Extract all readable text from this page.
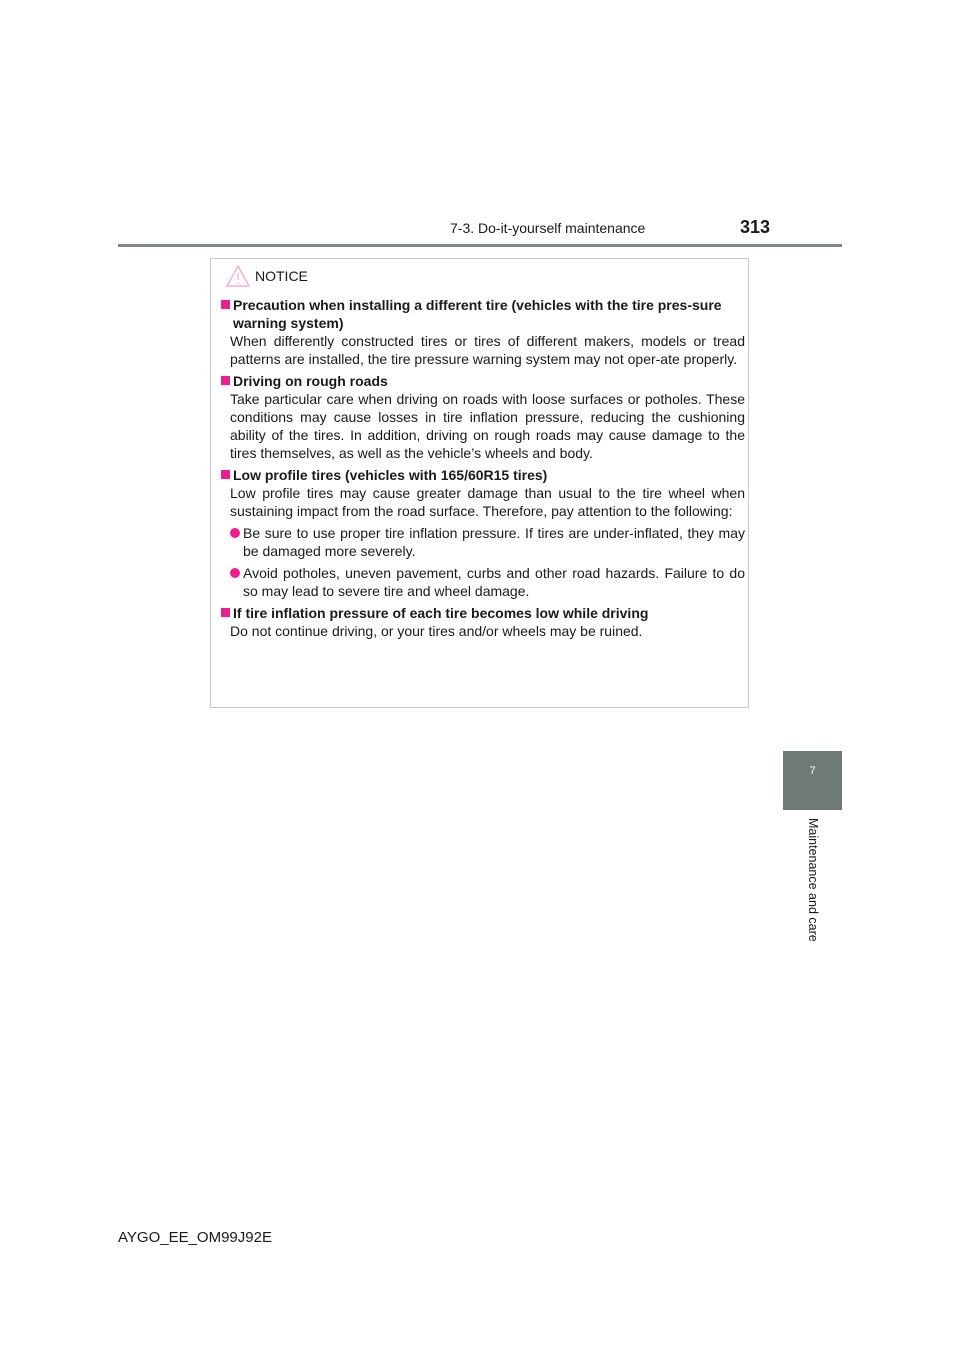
7-3. Do-it-yourself maintenance	313
7
Maintenance and care
NOTICE
Precaution when installing a different tire (vehicles with the tire pres-sure warning system)
When differently constructed tires or tires of different makers, models or tread patterns are installed, the tire pressure warning system may not oper-ate properly.
Driving on rough roads
Take particular care when driving on roads with loose surfaces or potholes. These conditions may cause losses in tire inflation pressure, reducing the cushioning ability of the tires. In addition, driving on rough roads may cause damage to the tires themselves, as well as the vehicle’s wheels and body.
Low profile tires (vehicles with 165/60R15 tires)
Low profile tires may cause greater damage than usual to the tire wheel when sustaining impact from the road surface. Therefore, pay attention to the following:
Be sure to use proper tire inflation pressure. If tires are under-inflated, they may be damaged more severely.
Avoid potholes, uneven pavement, curbs and other road hazards. Failure to do so may lead to severe tire and wheel damage.
If tire inflation pressure of each tire becomes low while driving
Do not continue driving, or your tires and/or wheels may be ruined.
AYGO_EE_OM99J92E
